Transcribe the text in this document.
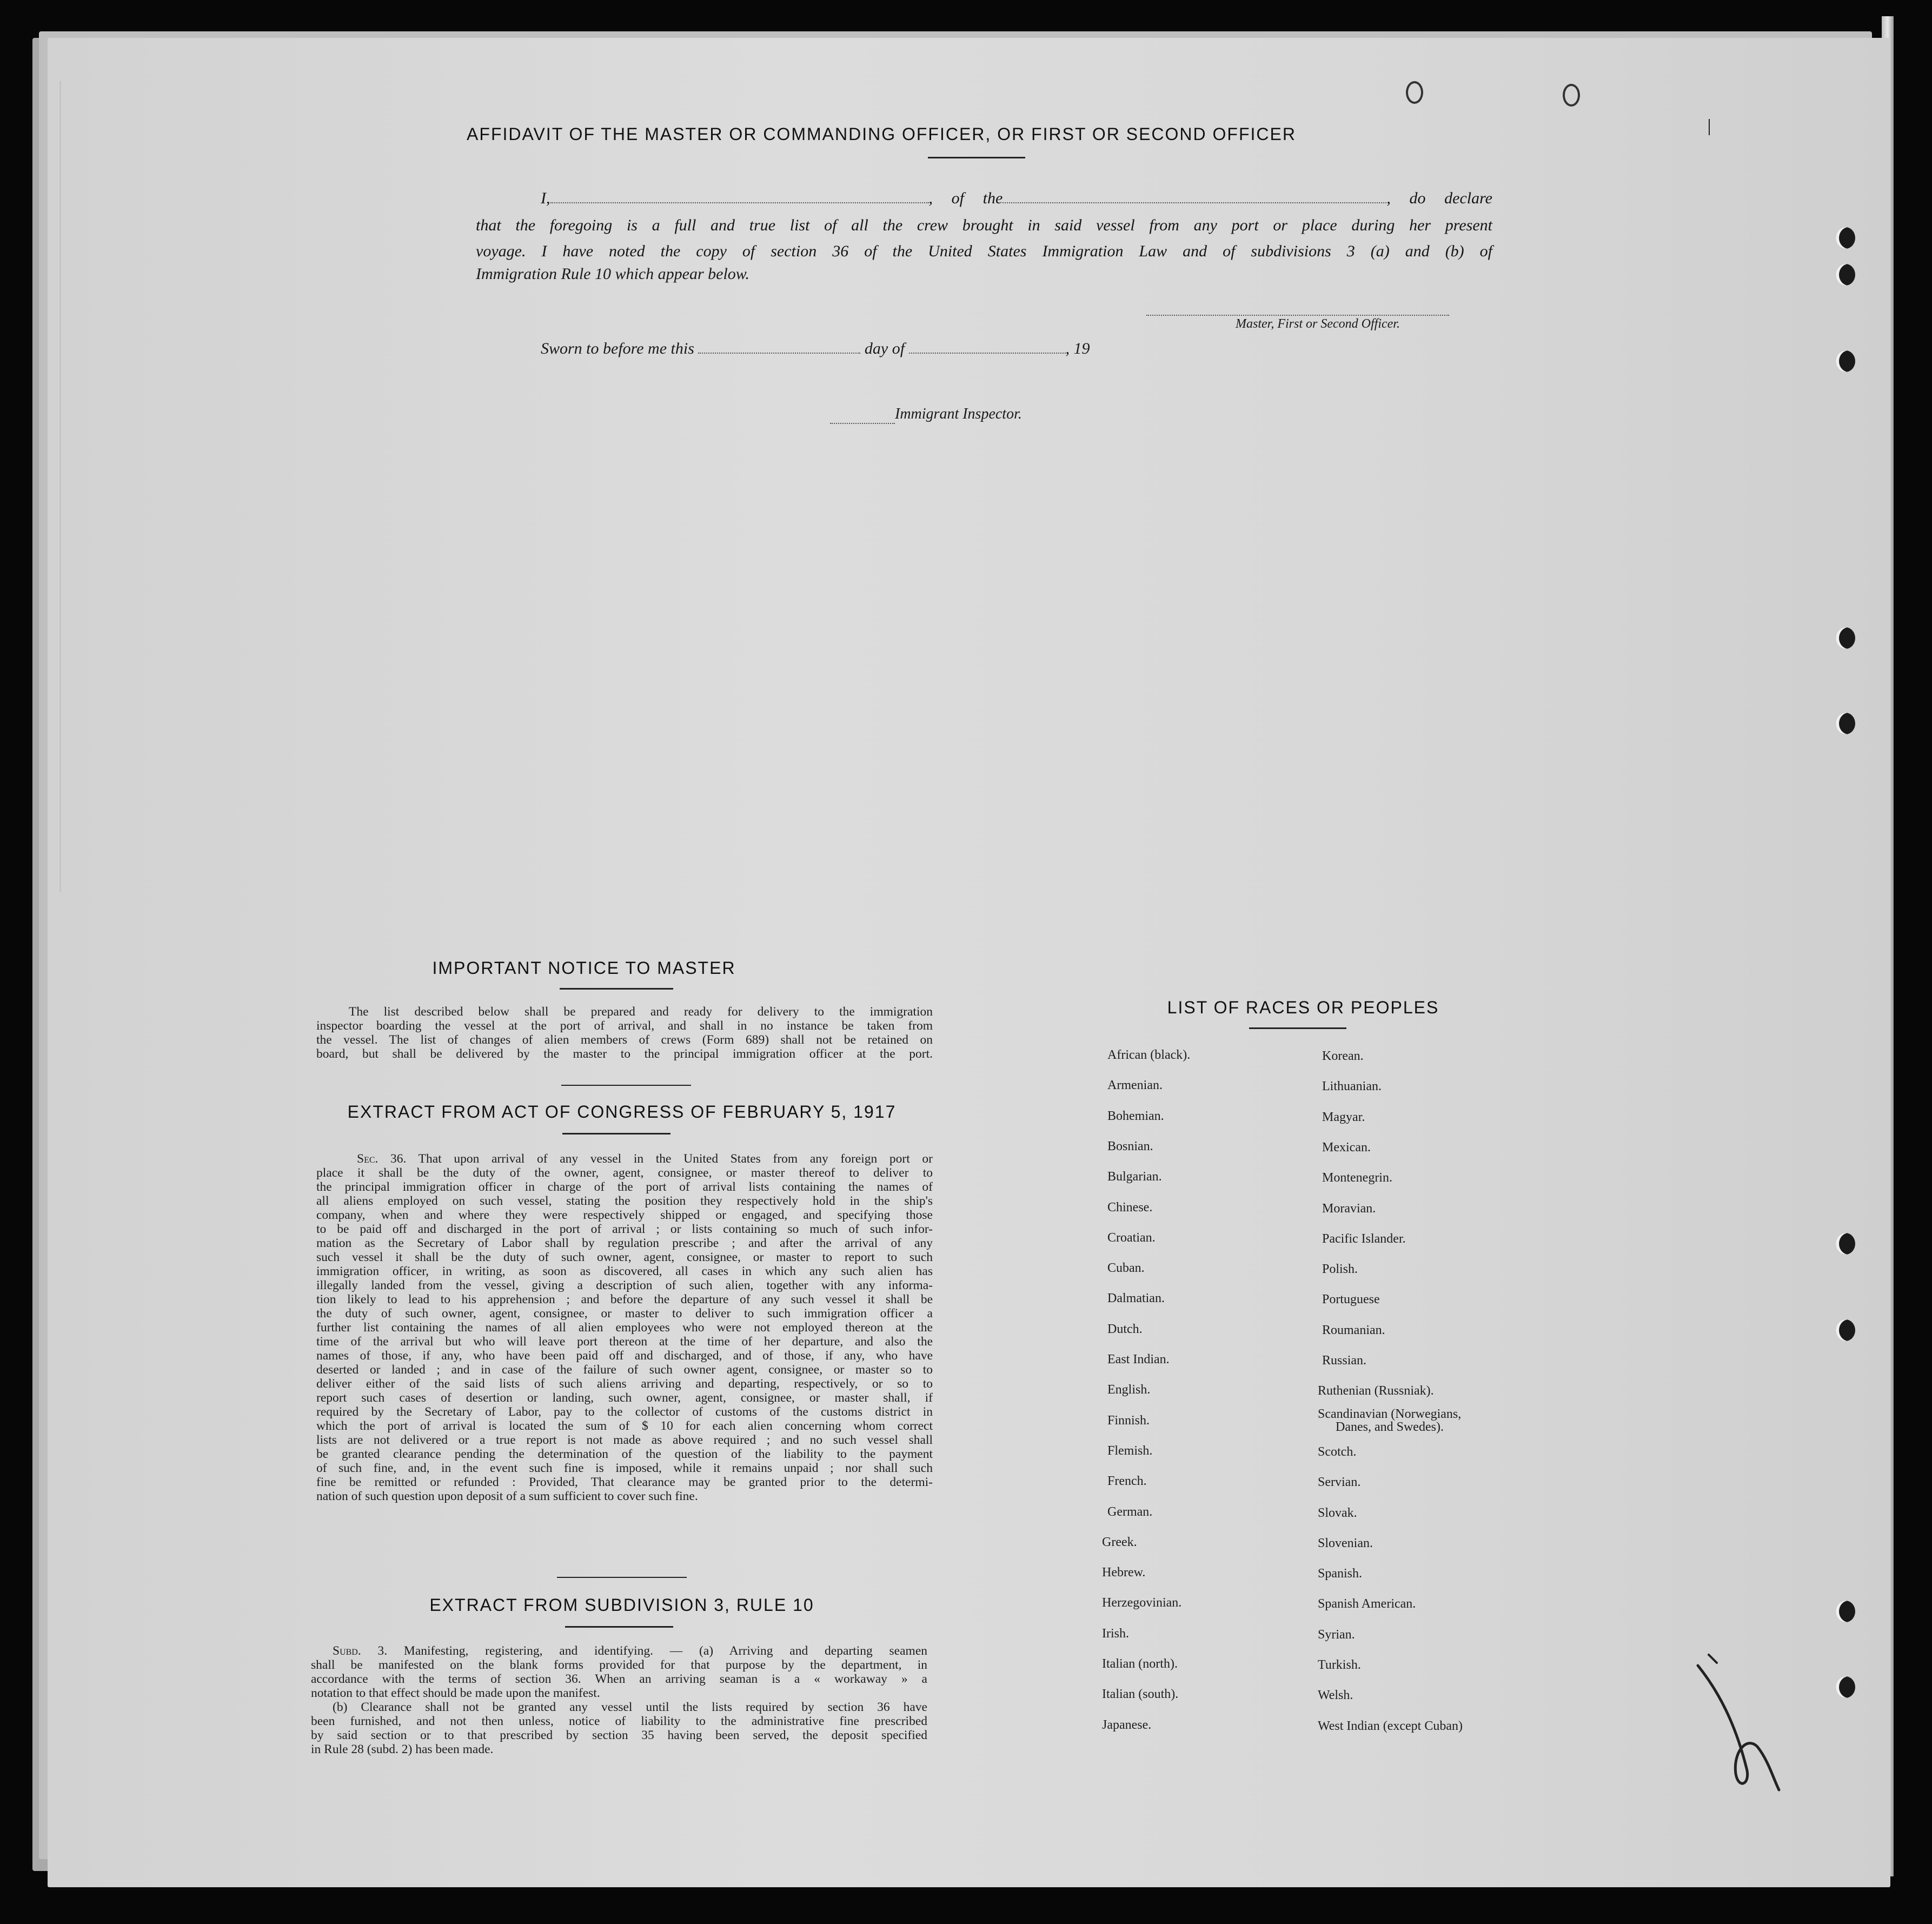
AFFIDAVIT OF THE MASTER OR COMMANDING OFFICER, OR FIRST OR SECOND OFFICER
I,	, of the	, do declare
that the foregoing is a full and true list of all the crew brought in said vessel from any port or place during her present
voyage. I have noted the copy of section 36 of the United States Immigration Law and of subdivisions 3 (a) and (b) of
Immigration Rule 10 which appear below.
Master, First or Second Officer.
Sworn to before me this	day of	, 19
Immigrant Inspector.
IMPORTANT NOTICE TO MASTER
The list described below shall be prepared and ready for delivery to the immigration
inspector boarding the vessel at the port of arrival, and shall in no instance be taken from
the vessel. The list of changes of alien members of crews (Form 689) shall not be retained on
board, but shall be delivered by the master to the principal immigration officer at the port.
EXTRACT FROM ACT OF CONGRESS OF FEBRUARY 5, 1917
Sec. 36. That upon arrival of any vessel in the United States from any foreign port or
place it shall be the duty of the owner, agent, consignee, or master thereof to deliver to
the principal immigration officer in charge of the port of arrival lists containing the names of
all aliens employed on such vessel, stating the position they respectively hold in the ship's
company, when and where they were respectively shipped or engaged, and specifying those
to be paid off and discharged in the port of arrival ; or lists containing so much of such infor-
mation as the Secretary of Labor shall by regulation prescribe ; and after the arrival of any
such vessel it shall be the duty of such owner, agent, consignee, or master to report to such
immigration officer, in writing, as soon as discovered, all cases in which any such alien has
illegally landed from the vessel, giving a description of such alien, together with any informa-
tion likely to lead to his apprehension ; and before the departure of any such vessel it shall be
the duty of such owner, agent, consignee, or master to deliver to such immigration officer a
further list containing the names of all alien employees who were not employed thereon at the
time of the arrival but who will leave port thereon at the time of her departure, and also the
names of those, if any, who have been paid off and discharged, and of those, if any, who have
deserted or landed ; and in case of the failure of such owner agent, consignee, or master so to
deliver either of the said lists of such aliens arriving and departing, respectively, or so to
report such cases of desertion or landing, such owner, agent, consignee, or master shall, if
required by the Secretary of Labor, pay to the collector of customs of the customs district in
which the port of arrival is located the sum of $ 10 for each alien concerning whom correct
lists are not delivered or a true report is not made as above required ; and no such vessel shall
be granted clearance pending the determination of the question of the liability to the payment
of such fine, and, in the event such fine is imposed, while it remains unpaid ; nor shall such
fine be remitted or refunded : Provided, That clearance may be granted prior to the determi-
nation of such question upon deposit of a sum sufficient to cover such fine.
EXTRACT FROM SUBDIVISION 3, RULE 10
Subd. 3. Manifesting, registering, and identifying. — (a) Arriving and departing seamen
shall be manifested on the blank forms provided for that purpose by the department, in
accordance with the terms of section 36. When an arriving seaman is a « workaway » a
notation to that effect should be made upon the manifest.
(b) Clearance shall not be granted any vessel until the lists required by section 36 have
been furnished, and not then unless, notice of liability to the administrative fine prescribed
by said section or to that prescribed by section 35 having been served, the deposit specified
in Rule 28 (subd. 2) has been made.
LIST OF RACES OR PEOPLES
African (black).
Armenian.
Bohemian.
Bosnian.
Bulgarian.
Chinese.
Croatian.
Cuban.
Dalmatian.
Dutch.
East Indian.
English.
Finnish.
Flemish.
French.
German.
Greek.
Hebrew.
Herzegovinian.
Irish.
Italian (north).
Italian (south).
Japanese.
Korean.
Lithuanian.
Magyar.
Mexican.
Montenegrin.
Moravian.
Pacific Islander.
Polish.
Portuguese
Roumanian.
Russian.
Ruthenian (Russniak).
Scandinavian (Norwegians,
Danes, and Swedes).
Scotch.
Servian.
Slovak.
Slovenian.
Spanish.
Spanish American.
Syrian.
Turkish.
Welsh.
West Indian (except Cuban)
